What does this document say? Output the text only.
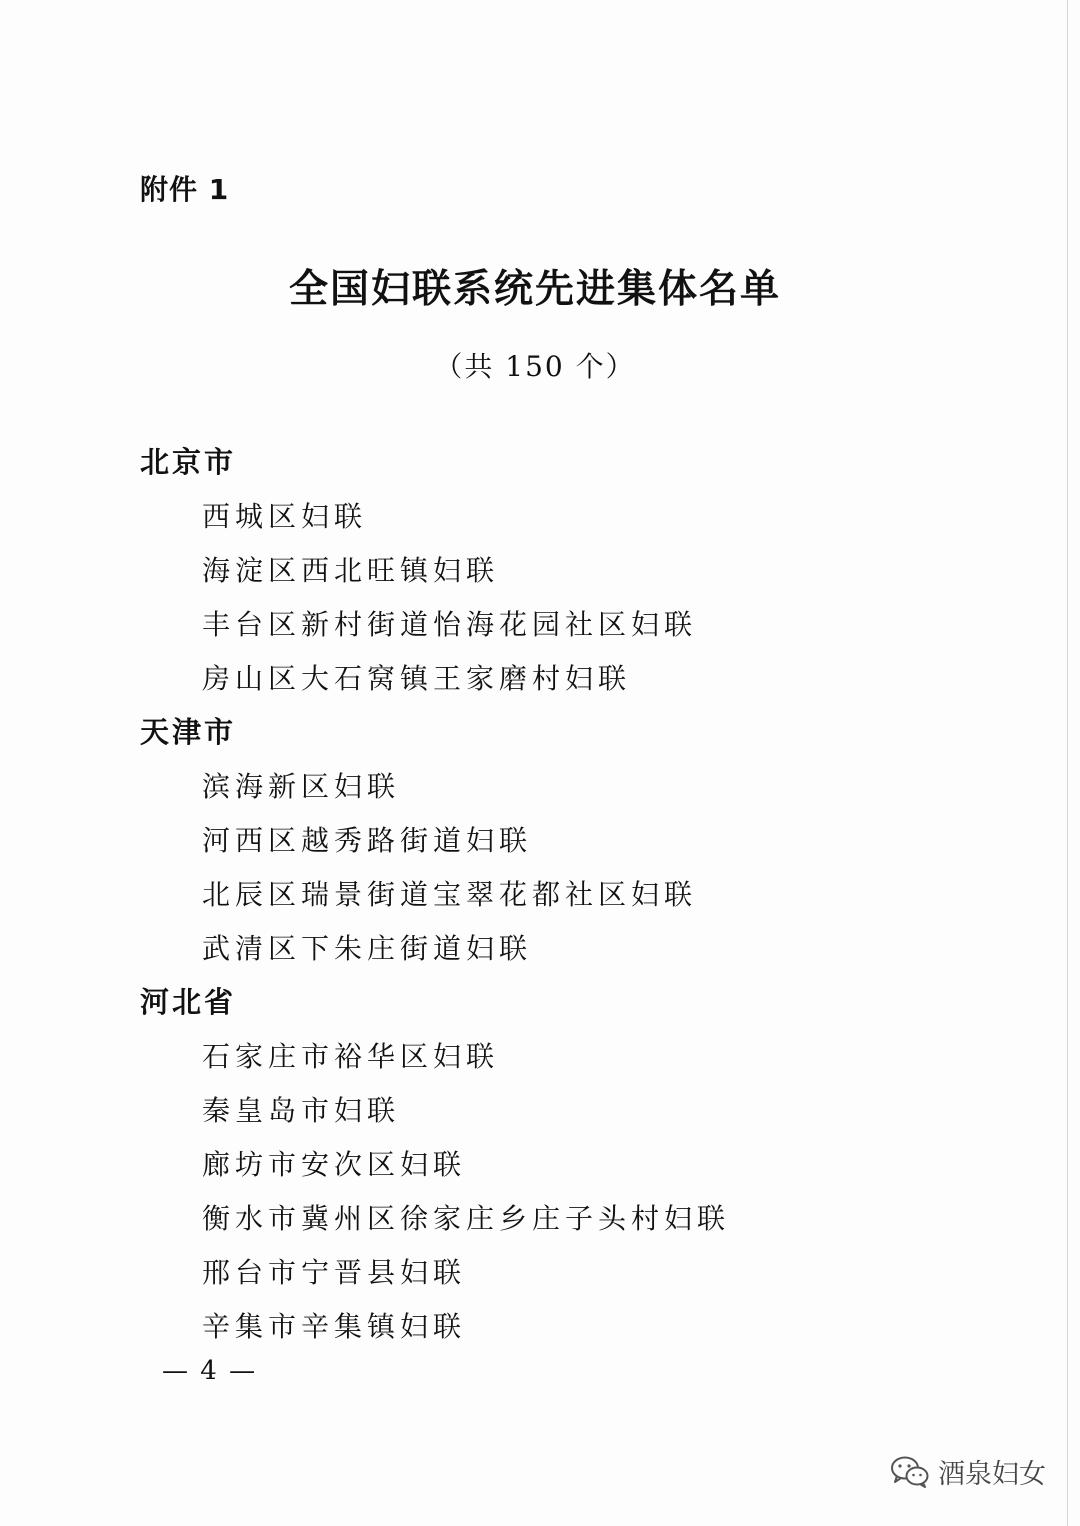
附件 1

全国妇联系统先进集体名单

（共 150 个）

北京市

西城区妇联

海淀区西北旺镇妇联

丰台区新村街道怡海花园社区妇联

房山区大石窝镇王家磨村妇联

天津市

滨海新区妇联

河西区越秀路街道妇联

北辰区瑞景街道宝翠花都社区妇联

武清区下朱庄街道妇联

河北省

石家庄市裕华区妇联

秦皇岛市妇联

廊坊市安次区妇联

衡水市冀州区徐家庄乡庄子头村妇联

邢台市宁晋县妇联

辛集市辛集镇妇联

— 4 —
酒泉妇女
